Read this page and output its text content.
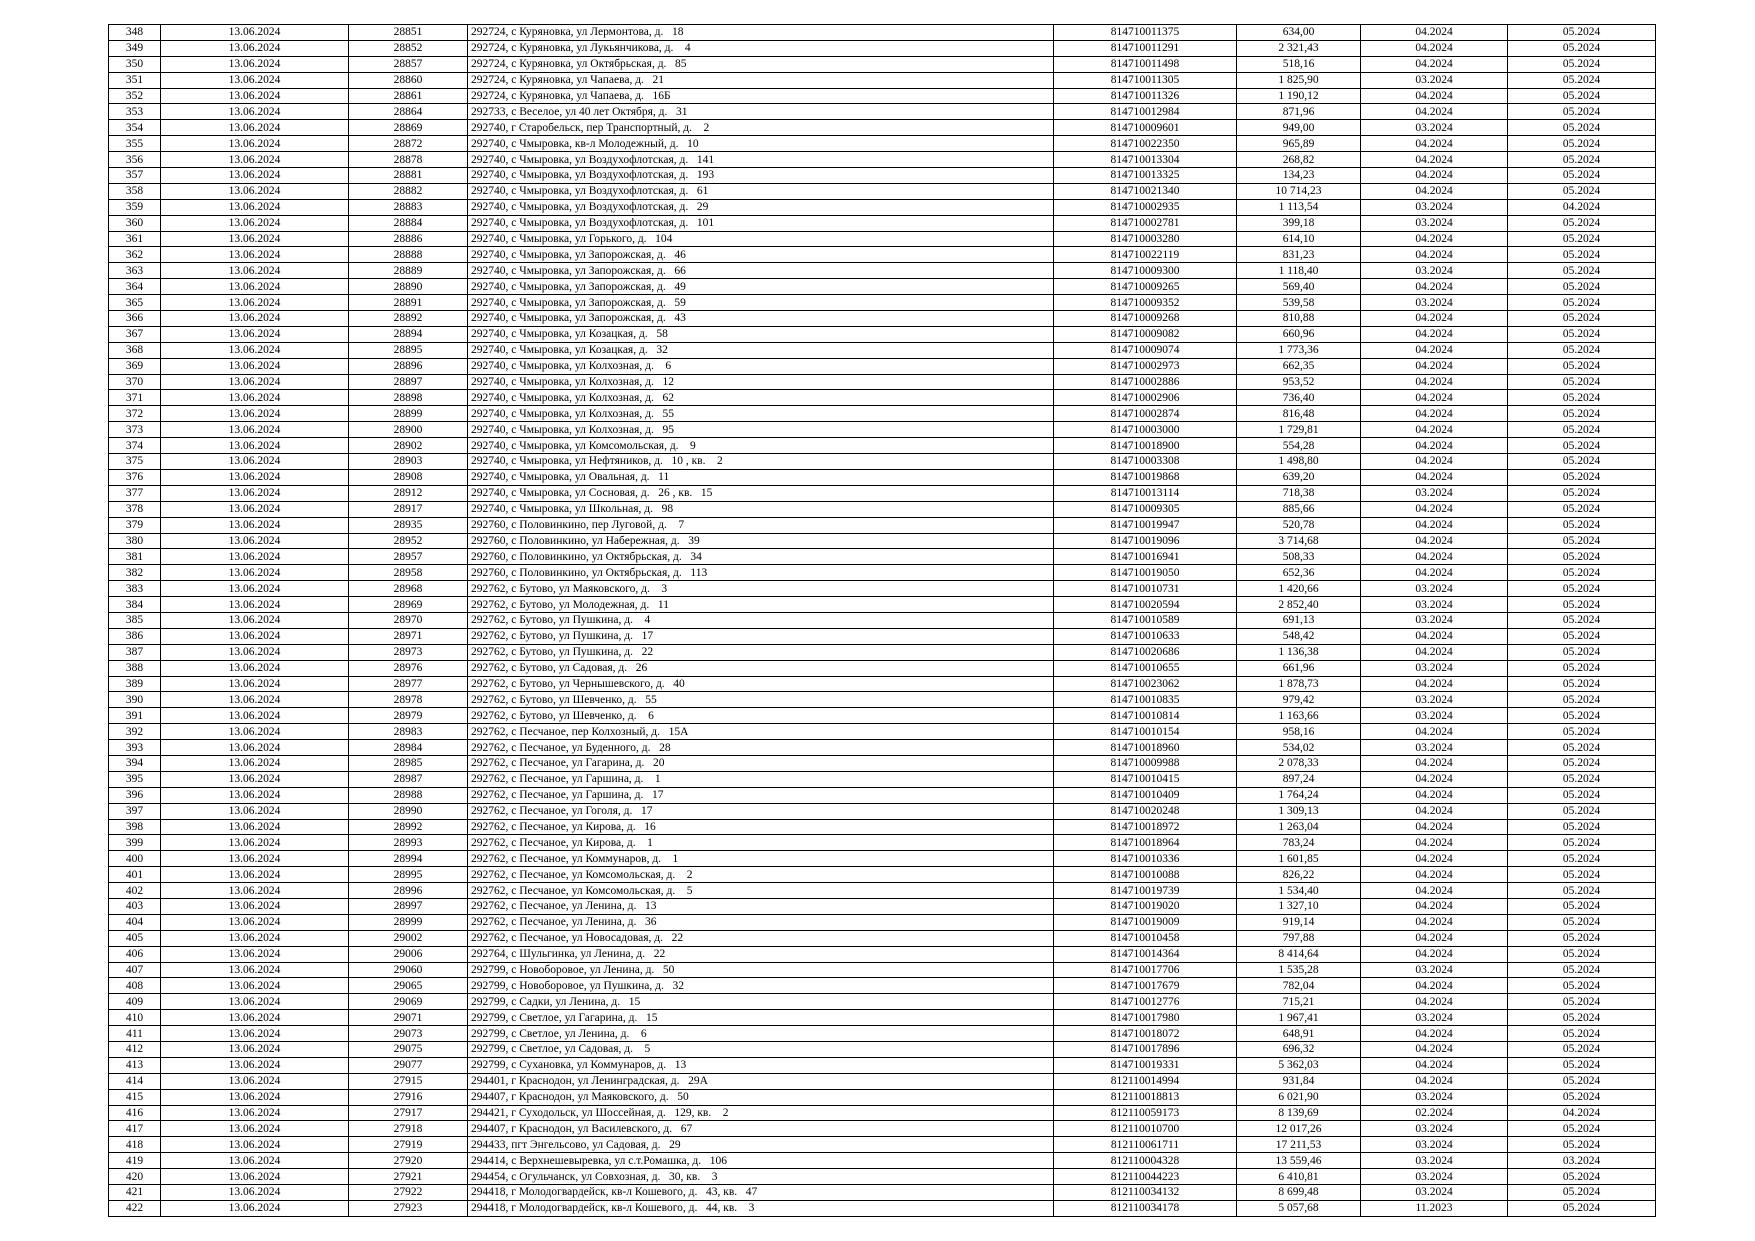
348	13.06.2024	28851	292724, с Куряновка, ул Лермонтова, д.   18	814710011375	634,00	04.2024	05.2024
349	13.06.2024	28852	292724, с Куряновка, ул Лукьянчикова, д.    4	814710011291	2 321,43	04.2024	05.2024
350	13.06.2024	28857	292724, с Куряновка, ул Октябрьская, д.   85	814710011498	518,16	04.2024	05.2024
351	13.06.2024	28860	292724, с Куряновка, ул Чапаева, д.   21	814710011305	1 825,90	03.2024	05.2024
352	13.06.2024	28861	292724, с Куряновка, ул Чапаева, д.   16Б	814710011326	1 190,12	04.2024	05.2024
353	13.06.2024	28864	292733, с Веселое, ул 40 лет Октября, д.   31	814710012984	871,96	04.2024	05.2024
354	13.06.2024	28869	292740, г Старобельск, пер Транспортный, д.    2	814710009601	949,00	03.2024	05.2024
355	13.06.2024	28872	292740, с Чмыровка, кв-л Молодежный, д.   10	814710022350	965,89	04.2024	05.2024
356	13.06.2024	28878	292740, с Чмыровка, ул Воздухофлотская, д.   141	814710013304	268,82	04.2024	05.2024
357	13.06.2024	28881	292740, с Чмыровка, ул Воздухофлотская, д.   193	814710013325	134,23	04.2024	05.2024
358	13.06.2024	28882	292740, с Чмыровка, ул Воздухофлотская, д.   61	814710021340	10 714,23	04.2024	05.2024
359	13.06.2024	28883	292740, с Чмыровка, ул Воздухофлотская, д.   29	814710002935	1 113,54	03.2024	04.2024
360	13.06.2024	28884	292740, с Чмыровка, ул Воздухофлотская, д.   101	814710002781	399,18	03.2024	05.2024
361	13.06.2024	28886	292740, с Чмыровка, ул Горького, д.   104	814710003280	614,10	04.2024	05.2024
362	13.06.2024	28888	292740, с Чмыровка, ул Запорожская, д.   46	814710022119	831,23	04.2024	05.2024
363	13.06.2024	28889	292740, с Чмыровка, ул Запорожская, д.   66	814710009300	1 118,40	03.2024	05.2024
364	13.06.2024	28890	292740, с Чмыровка, ул Запорожская, д.   49	814710009265	569,40	04.2024	05.2024
365	13.06.2024	28891	292740, с Чмыровка, ул Запорожская, д.   59	814710009352	539,58	03.2024	05.2024
366	13.06.2024	28892	292740, с Чмыровка, ул Запорожская, д.   43	814710009268	810,88	04.2024	05.2024
367	13.06.2024	28894	292740, с Чмыровка, ул Козацкая, д.   58	814710009082	660,96	04.2024	05.2024
368	13.06.2024	28895	292740, с Чмыровка, ул Козацкая, д.   32	814710009074	1 773,36	04.2024	05.2024
369	13.06.2024	28896	292740, с Чмыровка, ул Колхозная, д.    6	814710002973	662,35	04.2024	05.2024
370	13.06.2024	28897	292740, с Чмыровка, ул Колхозная, д.   12	814710002886	953,52	04.2024	05.2024
371	13.06.2024	28898	292740, с Чмыровка, ул Колхозная, д.   62	814710002906	736,40	04.2024	05.2024
372	13.06.2024	28899	292740, с Чмыровка, ул Колхозная, д.   55	814710002874	816,48	04.2024	05.2024
373	13.06.2024	28900	292740, с Чмыровка, ул Колхозная, д.   95	814710003000	1 729,81	04.2024	05.2024
374	13.06.2024	28902	292740, с Чмыровка, ул Комсомольская, д.    9	814710018900	554,28	04.2024	05.2024
375	13.06.2024	28903	292740, с Чмыровка, ул Нефтяников, д.   10 , кв.    2	814710003308	1 498,80	04.2024	05.2024
376	13.06.2024	28908	292740, с Чмыровка, ул Овальная, д.   11	814710019868	639,20	04.2024	05.2024
377	13.06.2024	28912	292740, с Чмыровка, ул Сосновая, д.   26 , кв.   15	814710013114	718,38	03.2024	05.2024
378	13.06.2024	28917	292740, с Чмыровка, ул Школьная, д.   98	814710009305	885,66	04.2024	05.2024
379	13.06.2024	28935	292760, с Половинкино, пер Луговой, д.    7	814710019947	520,78	04.2024	05.2024
380	13.06.2024	28952	292760, с Половинкино, ул Набережная, д.   39	814710019096	3 714,68	04.2024	05.2024
381	13.06.2024	28957	292760, с Половинкино, ул Октябрьская, д.   34	814710016941	508,33	04.2024	05.2024
382	13.06.2024	28958	292760, с Половинкино, ул Октябрьская, д.   113	814710019050	652,36	04.2024	05.2024
383	13.06.2024	28968	292762, с Бутово, ул Маяковского, д.    3	814710010731	1 420,66	03.2024	05.2024
384	13.06.2024	28969	292762, с Бутово, ул Молодежная, д.   11	814710020594	2 852,40	03.2024	05.2024
385	13.06.2024	28970	292762, с Бутово, ул Пушкина, д.    4	814710010589	691,13	03.2024	05.2024
386	13.06.2024	28971	292762, с Бутово, ул Пушкина, д.   17	814710010633	548,42	04.2024	05.2024
387	13.06.2024	28973	292762, с Бутово, ул Пушкина, д.   22	814710020686	1 136,38	04.2024	05.2024
388	13.06.2024	28976	292762, с Бутово, ул Садовая, д.   26	814710010655	661,96	03.2024	05.2024
389	13.06.2024	28977	292762, с Бутово, ул Чернышевского, д.   40	814710023062	1 878,73	04.2024	05.2024
390	13.06.2024	28978	292762, с Бутово, ул Шевченко, д.   55	814710010835	979,42	03.2024	05.2024
391	13.06.2024	28979	292762, с Бутово, ул Шевченко, д.    6	814710010814	1 163,66	03.2024	05.2024
392	13.06.2024	28983	292762, с Песчаное, пер Колхозный, д.   15А	814710010154	958,16	04.2024	05.2024
393	13.06.2024	28984	292762, с Песчаное, ул Буденного, д.   28	814710018960	534,02	03.2024	05.2024
394	13.06.2024	28985	292762, с Песчаное, ул Гагарина, д.   20	814710009988	2 078,33	04.2024	05.2024
395	13.06.2024	28987	292762, с Песчаное, ул Гаршина, д.    1	814710010415	897,24	04.2024	05.2024
396	13.06.2024	28988	292762, с Песчаное, ул Гаршина, д.   17	814710010409	1 764,24	04.2024	05.2024
397	13.06.2024	28990	292762, с Песчаное, ул Гоголя, д.   17	814710020248	1 309,13	04.2024	05.2024
398	13.06.2024	28992	292762, с Песчаное, ул Кирова, д.   16	814710018972	1 263,04	04.2024	05.2024
399	13.06.2024	28993	292762, с Песчаное, ул Кирова, д.    1	814710018964	783,24	04.2024	05.2024
400	13.06.2024	28994	292762, с Песчаное, ул Коммунаров, д.    1	814710010336	1 601,85	04.2024	05.2024
401	13.06.2024	28995	292762, с Песчаное, ул Комсомольская, д.    2	814710010088	826,22	04.2024	05.2024
402	13.06.2024	28996	292762, с Песчаное, ул Комсомольская, д.    5	814710019739	1 534,40	04.2024	05.2024
403	13.06.2024	28997	292762, с Песчаное, ул Ленина, д.   13	814710019020	1 327,10	04.2024	05.2024
404	13.06.2024	28999	292762, с Песчаное, ул Ленина, д.   36	814710019009	919,14	04.2024	05.2024
405	13.06.2024	29002	292762, с Песчаное, ул Новосадовая, д.   22	814710010458	797,88	04.2024	05.2024
406	13.06.2024	29006	292764, с Шульгинка, ул Ленина, д.   22	814710014364	8 414,64	04.2024	05.2024
407	13.06.2024	29060	292799, с Новоборовое, ул Ленина, д.   50	814710017706	1 535,28	03.2024	05.2024
408	13.06.2024	29065	292799, с Новоборовое, ул Пушкина, д.   32	814710017679	782,04	04.2024	05.2024
409	13.06.2024	29069	292799, с Садки, ул Ленина, д.   15	814710012776	715,21	04.2024	05.2024
410	13.06.2024	29071	292799, с Светлое, ул Гагарина, д.   15	814710017980	1 967,41	03.2024	05.2024
411	13.06.2024	29073	292799, с Светлое, ул Ленина, д.    6	814710018072	648,91	04.2024	05.2024
412	13.06.2024	29075	292799, с Светлое, ул Садовая, д.    5	814710017896	696,32	04.2024	05.2024
413	13.06.2024	29077	292799, с Сухановка, ул Коммунаров, д.   13	814710019331	5 362,03	04.2024	05.2024
414	13.06.2024	27915	294401, г Краснодон, ул Ленинградская, д.   29А	812110014994	931,84	04.2024	05.2024
415	13.06.2024	27916	294407, г Краснодон, ул Маяковского, д.   50	812110018813	6 021,90	03.2024	05.2024
416	13.06.2024	27917	294421, г Суходольск, ул Шоссейная, д.   129, кв.    2	812110059173	8 139,69	02.2024	04.2024
417	13.06.2024	27918	294407, г Краснодон, ул Василевского, д.   67	812110010700	12 017,26	03.2024	05.2024
418	13.06.2024	27919	294433, пгт Энгельсово, ул Садовая, д.   29	812110061711	17 211,53	03.2024	05.2024
419	13.06.2024	27920	294414, с Верхнешевыревка, ул с.т.Ромашка, д.   106	812110004328	13 559,46	03.2024	03.2024
420	13.06.2024	27921	294454, с Огульчанск, ул Совхозная, д.   30, кв.    3	812110044223	6 410,81	03.2024	05.2024
421	13.06.2024	27922	294418, г Молодогвардейск, кв-л Кошевого, д.   43, кв.   47	812110034132	8 699,48	03.2024	05.2024
422	13.06.2024	27923	294418, г Молодогвардейск, кв-л Кошевого, д.   44, кв.    3	812110034178	5 057,68	11.2023	05.2024
